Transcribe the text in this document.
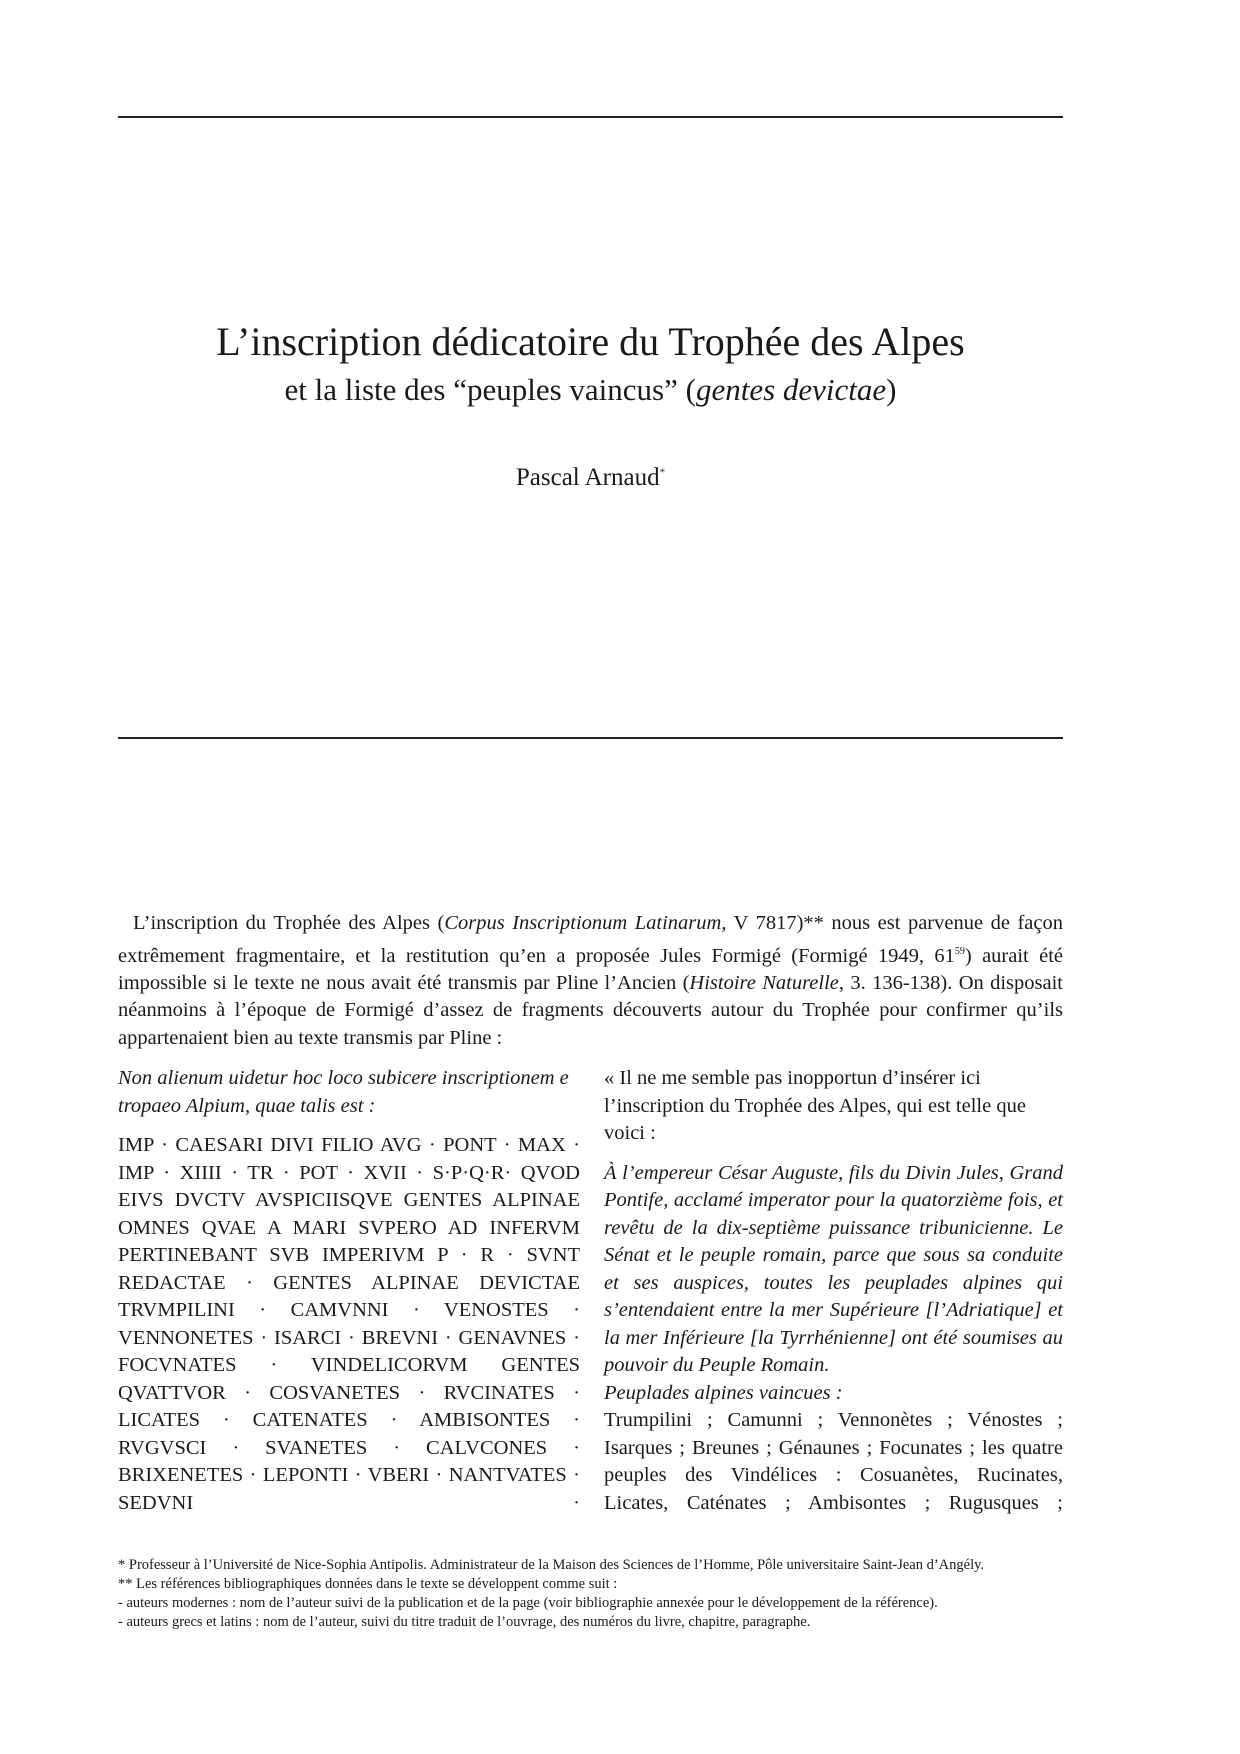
L’inscription dédicatoire du Trophée des Alpes
et la liste des “peuples vaincus” (gentes devictae)
Pascal Arnaud*

L’inscription du Trophée des Alpes (Corpus Inscriptionum Latinarum, V 7817)** nous est parvenue de façon extrêmement fragmentaire, et la restitution qu’en a proposée Jules Formigé (Formigé 1949, $61^{59}$) aurait été impossible si le texte ne nous avait été transmis par Pline l’Ancien (Histoire Naturelle, 3. 136-138). On disposait néanmoins à l’époque de Formigé d’assez de fragments découverts autour du Trophée pour confirmer qu’ils appartenaient bien au texte transmis par Pline :

Non alienum uidetur hoc loco subicere inscriptionem e tropaeo Alpium, quae talis est :

IMP · CAESARI DIVI FILIO AVG · PONT · MAX · IMP · XIIII · TR · POT · XVII · S·P·Q·R· QVOD EIVS DVCTV AVSPICIISQVE GENTES ALPINAE OMNES QVAE A MARI SVPERO AD INFERVM PERTINEBANT SVB IMPERIVM P · R · SVNT REDACTAE · GENTES ALPINAE DEVICTAE TRVMPILINI · CAMVNNI · VENOSTES · VENNONETES · ISARCI · BREVNI · GENAVNES · FOCVNATES · VINDELICORVM GENTES QVATTVOR · COSVANETES · RVCINATES · LICATES · CATENATES · AMBISONTES · RVGVSCI · SVANETES · CALVCONES · BRIXENETES · LEPONTI · VBERI · NANTVATES · SEDVNI ·

« Il ne me semble pas inopportun d’insérer ici l’inscription du Trophée des Alpes, qui est telle que voici :

À l’empereur César Auguste, fils du Divin Jules, Grand Pontife, acclamé imperator pour la quatorzième fois, et revêtu de la dix-septième puissance tribunicienne. Le Sénat et le peuple romain, parce que sous sa conduite et ses auspices, toutes les peuplades alpines qui s’entendaient entre la mer Supérieure [l’Adriatique] et la mer Inférieure [la Tyrrhénienne] ont été soumises au pouvoir du Peuple Romain.

Peuplades alpines vaincues :

Trumpilini ; Camunni ; Vennonètes ; Vénostes ; Isarques ; Breunes ; Génaunes ; Focunates ; les quatre peuples des Vindélices : Cosuanètes, Rucinates, Licates, Caténates ; Ambisontes ; Rugusques ;

* Professeur à l’Université de Nice-Sophia Antipolis. Administrateur de la Maison des Sciences de l’Homme, Pôle universitaire Saint-Jean d’Angély.
** Les références bibliographiques données dans le texte se développent comme suit :
- auteurs modernes : nom de l’auteur suivi de la publication et de la page (voir bibliographie annexée pour le développement de la référence).
- auteurs grecs et latins : nom de l’auteur, suivi du titre traduit de l’ouvrage, des numéros du livre, chapitre, paragraphe.
